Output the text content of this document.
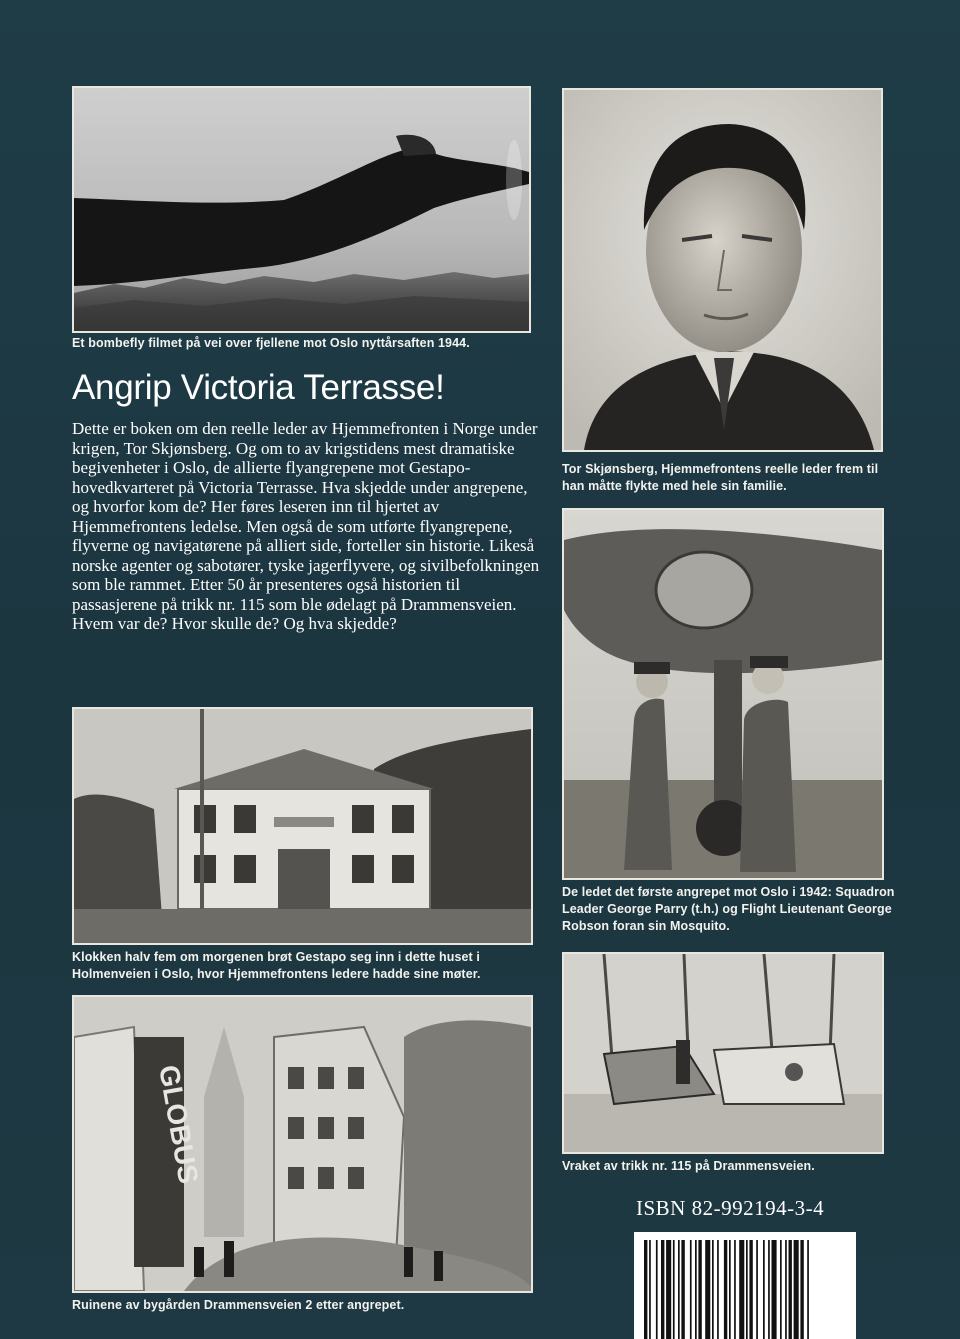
Et bombefly filmet på vei over fjellene mot Oslo nyttårsaften 1944.
Tor Skjønsberg, Hjemmefrontens reelle leder frem til han måtte flykte med hele sin familie.
Angrip Victoria Terrasse!
Dette er boken om den reelle leder av Hjemmefronten i Norge under krigen, Tor Skjønsberg. Og om to av krigstidens mest dramatiske begivenheter i Oslo, de allierte flyangrepene mot Gestapo-hovedkvarteret på Victoria Terrasse. Hva skjedde under angrepene, og hvorfor kom de? Her føres leseren inn til hjertet av Hjemmefrontens ledelse. Men også de som utførte flyangrepene, flyverne og navigatørene på alliert side, forteller sin historie. Likeså norske agenter og sabotører, tyske jagerflyvere, og sivilbefolkningen som ble rammet. Etter 50 år presenteres også historien til passasjerene på trikk nr. 115 som ble ødelagt på Drammensveien. Hvem var de? Hvor skulle de? Og hva skjedde?
De ledet det første angrepet mot Oslo i 1942: Squadron Leader George Parry (t.h.) og Flight Lieutenant George Robson foran sin Mosquito.
Klokken halv fem om morgenen brøt Gestapo seg inn i dette huset i Holmenveien i Oslo, hvor Hjemmefrontens ledere hadde sine møter.
Vraket av trikk nr. 115 på Drammensveien.
GLOBUS
Ruinene av bygården Drammensveien 2 etter angrepet.
ISBN 82-992194-3-4
